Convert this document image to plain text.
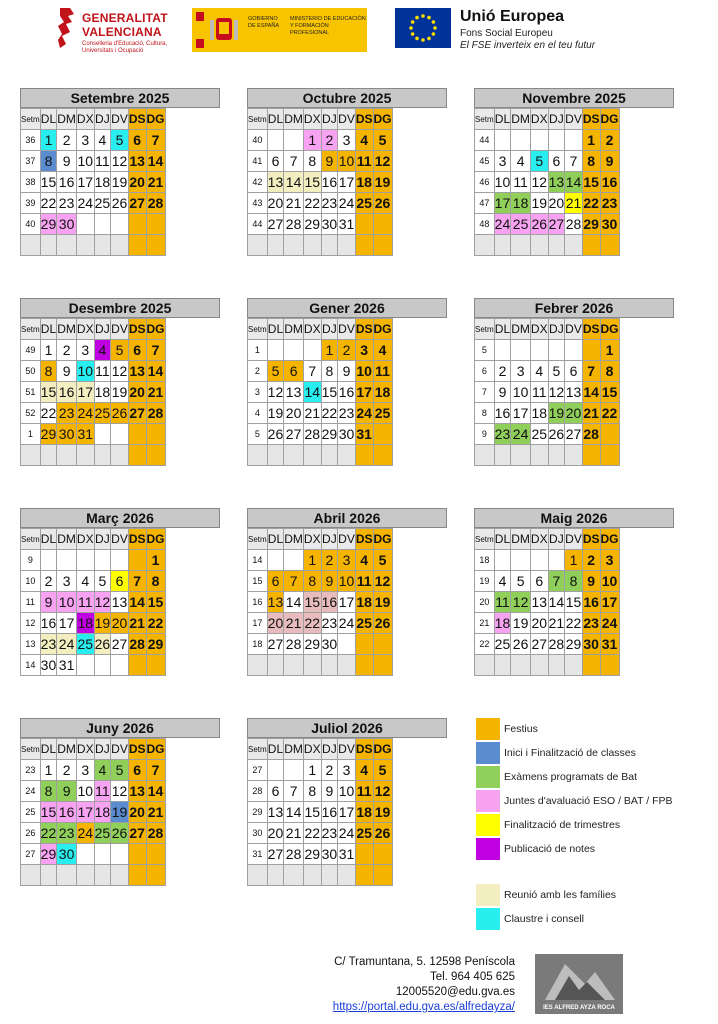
GENERALITAT
VALENCIANA
Conselleria d'Educació, Cultura, Universitats i Ocupació
GOBIERNO DE ESPAÑA
MINISTERIO DE EDUCACIÓN Y FORMACIÓN PROFESIONAL
Unió Europea
Fons Social Europeu
El FSE inverteix en el teu futur
Setembre 2025
Setm	DL	DM	DX	DJ	DV	DS	DG
36	1	2	3	4	5	6	7
37	8	9	10	11	12	13	14
38	15	16	17	18	19	20	21
39	22	23	24	25	26	27	28
40	29	30					

Octubre 2025
Setm	DL	DM	DX	DJ	DV	DS	DG
40			1	2	3	4	5
41	6	7	8	9	10	11	12
42	13	14	15	16	17	18	19
43	20	21	22	23	24	25	26
44	27	28	29	30	31		

Novembre 2025
Setm	DL	DM	DX	DJ	DV	DS	DG
44						1	2
45	3	4	5	6	7	8	9
46	10	11	12	13	14	15	16
47	17	18	19	20	21	22	23
48	24	25	26	27	28	29	30

Desembre 2025
Setm	DL	DM	DX	DJ	DV	DS	DG
49	1	2	3	4	5	6	7
50	8	9	10	11	12	13	14
51	15	16	17	18	19	20	21
52	22	23	24	25	26	27	28
1	29	30	31				

Gener 2026
Setm	DL	DM	DX	DJ	DV	DS	DG
1				1	2	3	4
2	5	6	7	8	9	10	11
3	12	13	14	15	16	17	18
4	19	20	21	22	23	24	25
5	26	27	28	29	30	31	

Febrer 2026
Setm	DL	DM	DX	DJ	DV	DS	DG
5							1
6	2	3	4	5	6	7	8
7	9	10	11	12	13	14	15
8	16	17	18	19	20	21	22
9	23	24	25	26	27	28	

Març 2026
Setm	DL	DM	DX	DJ	DV	DS	DG
9							1
10	2	3	4	5	6	7	8
11	9	10	11	12	13	14	15
12	16	17	18	19	20	21	22
13	23	24	25	26	27	28	29
14	30	31					
Abril 2026
Setm	DL	DM	DX	DJ	DV	DS	DG
14			1	2	3	4	5
15	6	7	8	9	10	11	12
16	13	14	15	16	17	18	19
17	20	21	22	23	24	25	26
18	27	28	29	30			

Maig 2026
Setm	DL	DM	DX	DJ	DV	DS	DG
18					1	2	3
19	4	5	6	7	8	9	10
20	11	12	13	14	15	16	17
21	18	19	20	21	22	23	24
22	25	26	27	28	29	30	31

Juny 2026
Setm	DL	DM	DX	DJ	DV	DS	DG
23	1	2	3	4	5	6	7
24	8	9	10	11	12	13	14
25	15	16	17	18	19	20	21
26	22	23	24	25	26	27	28
27	29	30					

Juliol 2026
Setm	DL	DM	DX	DJ	DV	DS	DG
27			1	2	3	4	5
28	6	7	8	9	10	11	12
29	13	14	15	16	17	18	19
30	20	21	22	23	24	25	26
31	27	28	29	30	31		

Festius
Inici i Finalització de classes
Exàmens programats de Bat
Juntes d'avaluació ESO / BAT / FPB
Finalització de trimestres
Publicació de notes
Reunió amb les famílies
Claustre i consell
C/ Tramuntana, 5. 12598 Peníscola
Tel. 964 405 625
12005520@edu.gva.es
https://portal.edu.gva.es/alfredayza/	IES ALFRED AYZA ROCA
